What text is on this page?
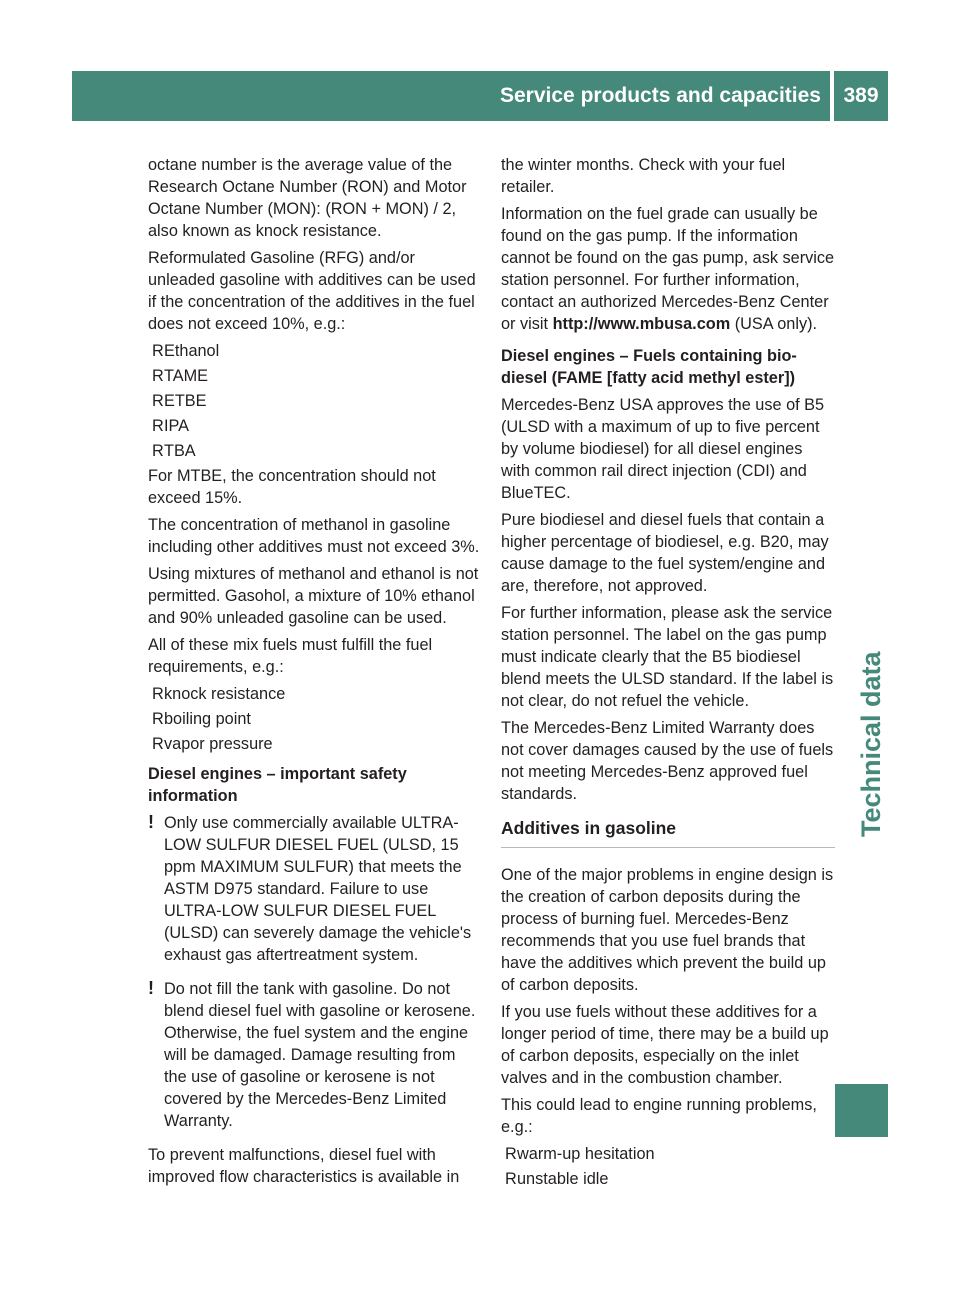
Service products and capacities	389
Technical data

octane number is the average value of the Research Octane Number (RON) and Motor Octane Number (MON): (RON + MON) / 2, also known as knock resistance.

Reformulated Gasoline (RFG) and/or unleaded gasoline with additives can be used if the concentration of the additives in the fuel does not exceed 10%, e.g.:

R Ethanol
R TAME
R ETBE
R IPA
R TBA

For MTBE, the concentration should not exceed 15%.

The concentration of methanol in gasoline including other additives must not exceed 3%.

Using mixtures of methanol and ethanol is not permitted. Gasohol, a mixture of 10% ethanol and 90% unleaded gasoline can be used.

All of these mix fuels must fulfill the fuel requirements, e.g.:

R knock resistance
R boiling point
R vapor pressure
Diesel engines – important safety information
! Only use commercially available ULTRA-LOW SULFUR DIESEL FUEL (ULSD, 15 ppm MAXIMUM SULFUR) that meets the ASTM D975 standard. Failure to use ULTRA-LOW SULFUR DIESEL FUEL (ULSD) can severely damage the vehicle's exhaust gas aftertreatment system.
! Do not fill the tank with gasoline. Do not blend diesel fuel with gasoline or kerosene. Otherwise, the fuel system and the engine will be damaged. Damage resulting from the use of gasoline or kerosene is not covered by the Mercedes-Benz Limited Warranty.

To prevent malfunctions, diesel fuel with improved flow characteristics is available in

the winter months. Check with your fuel retailer.

Information on the fuel grade can usually be found on the gas pump. If the information cannot be found on the gas pump, ask service station personnel. For further information, contact an authorized Mercedes-Benz Center or visit http://www.mbusa.com (USA only).

Diesel engines – Fuels containing bio-diesel (FAME [fatty acid methyl ester])

Mercedes-Benz USA approves the use of B5 (ULSD with a maximum of up to five percent by volume biodiesel) for all diesel engines with common rail direct injection (CDI) and BlueTEC.

Pure biodiesel and diesel fuels that contain a higher percentage of biodiesel, e.g. B20, may cause damage to the fuel system/engine and are, therefore, not approved.

For further information, please ask the service station personnel. The label on the gas pump must indicate clearly that the B5 biodiesel blend meets the ULSD standard. If the label is not clear, do not refuel the vehicle.

The Mercedes-Benz Limited Warranty does not cover damages caused by the use of fuels not meeting Mercedes-Benz approved fuel standards.

Additives in gasoline

One of the major problems in engine design is the creation of carbon deposits during the process of burning fuel. Mercedes-Benz recommends that you use fuel brands that have the additives which prevent the build up of carbon deposits.

If you use fuels without these additives for a longer period of time, there may be a build up of carbon deposits, especially on the inlet valves and in the combustion chamber.

This could lead to engine running problems, e.g.:

R warm-up hesitation
R unstable idle
